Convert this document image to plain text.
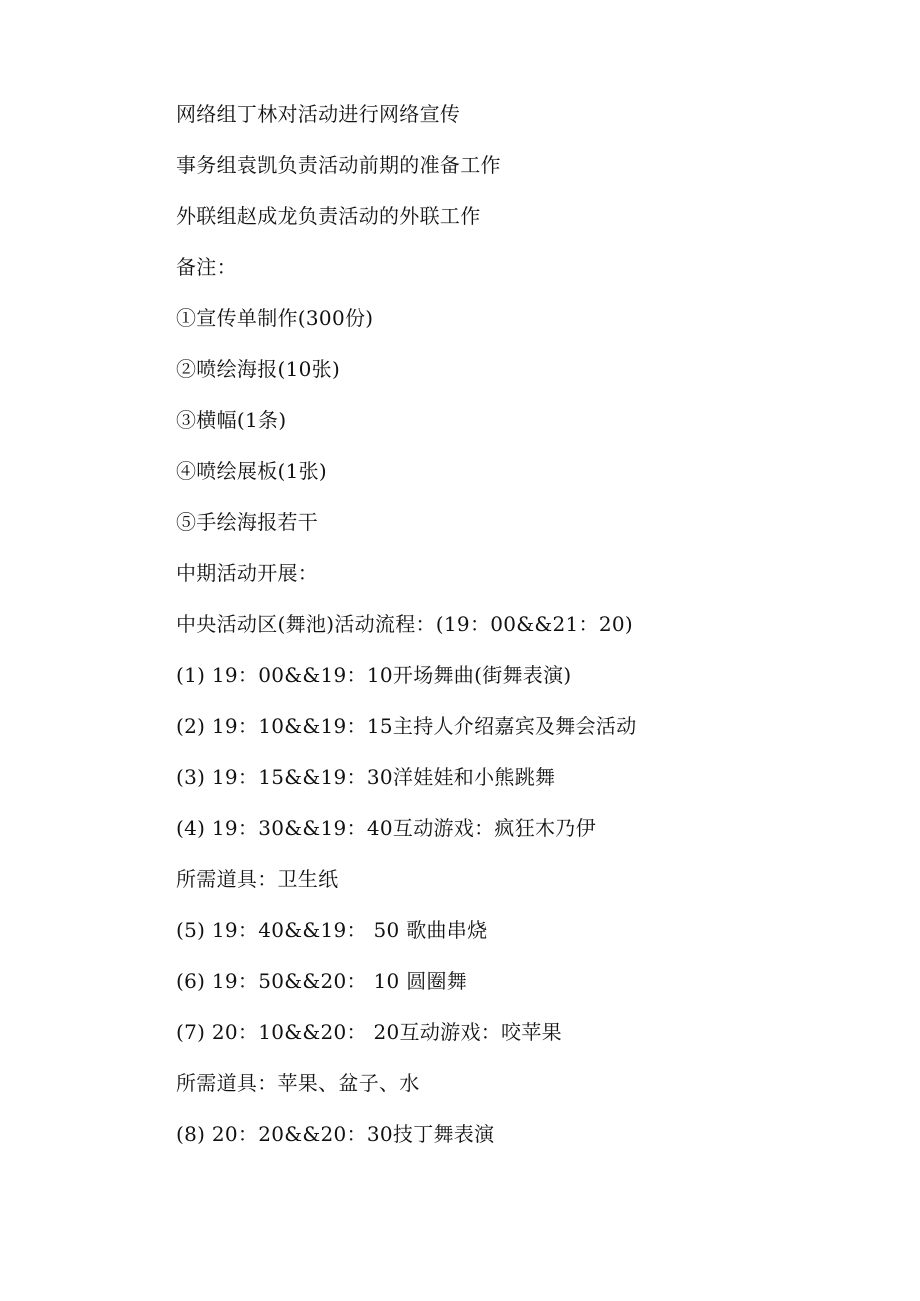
网络组丁林对活动进行网络宣传
事务组袁凯负责活动前期的准备工作
外联组赵成龙负责活动的外联工作
备注：
①宣传单制作(300份)
②喷绘海报(10张)
③横幅(1条)
④喷绘展板(1张)
⑤手绘海报若干
中期活动开展：
中央活动区(舞池)活动流程：(19：00&&21：20)
(1) 19：00&&19：10开场舞曲(街舞表演)
(2) 19：10&&19：15主持人介绍嘉宾及舞会活动
(3) 19：15&&19：30洋娃娃和小熊跳舞
(4) 19：30&&19：40互动游戏：疯狂木乃伊
所需道具：卫生纸
(5) 19：40&&19： 50 歌曲串烧
(6) 19：50&&20： 10 圆圈舞
(7) 20：10&&20： 20互动游戏：咬苹果
所需道具：苹果、盆子、水
(8) 20：20&&20：30技丁舞表演
